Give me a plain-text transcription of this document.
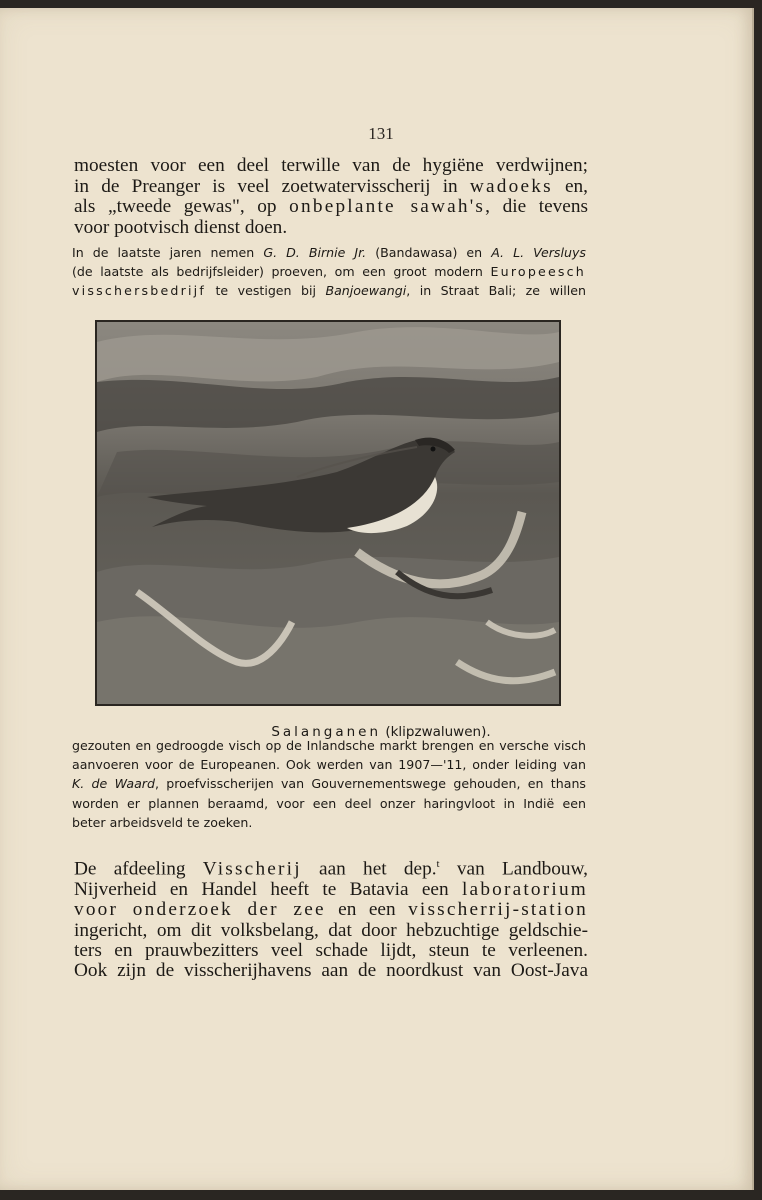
131

moesten voor een deel terwille van de hygiëne verdwijnen;

in de Preanger is veel zoetwatervisscherij in wadoeks en,

als „tweede gewas", op onbeplante sawah's, die tevens

voor pootvisch dienst doen.

In de laatste jaren nemen G. D. Birnie Jr. (Bandawasa) en A. L. Versluys

(de laatste als bedrijfsleider) proeven, om een groot modern Europeesch

visschersbedrijf te vestigen bij Banjoewangi, in Straat Bali; ze willen

Salanganen (klipzwaluwen).

gezouten en gedroogde visch op de Inlandsche markt brengen en versche visch

aanvoeren voor de Europeanen. Ook werden van 1907—'11, onder leiding van

K. de Waard, proefvisscherijen van Gouvernementswege gehouden, en thans

worden er plannen beraamd, voor een deel onzer haringvloot in Indië een

beter arbeidsveld te zoeken.

De afdeeling Visscherij aan het dep.$^t$ van Landbouw,

Nijverheid en Handel heeft te Batavia een laboratorium

voor onderzoek der zee en een visscherrij-station

ingericht, om dit volksbelang, dat door hebzuchtige geldschie-

ters en prauwbezitters veel schade lijdt, steun te verleenen.

Ook zijn de visscherijhavens aan de noordkust van Oost-Java
